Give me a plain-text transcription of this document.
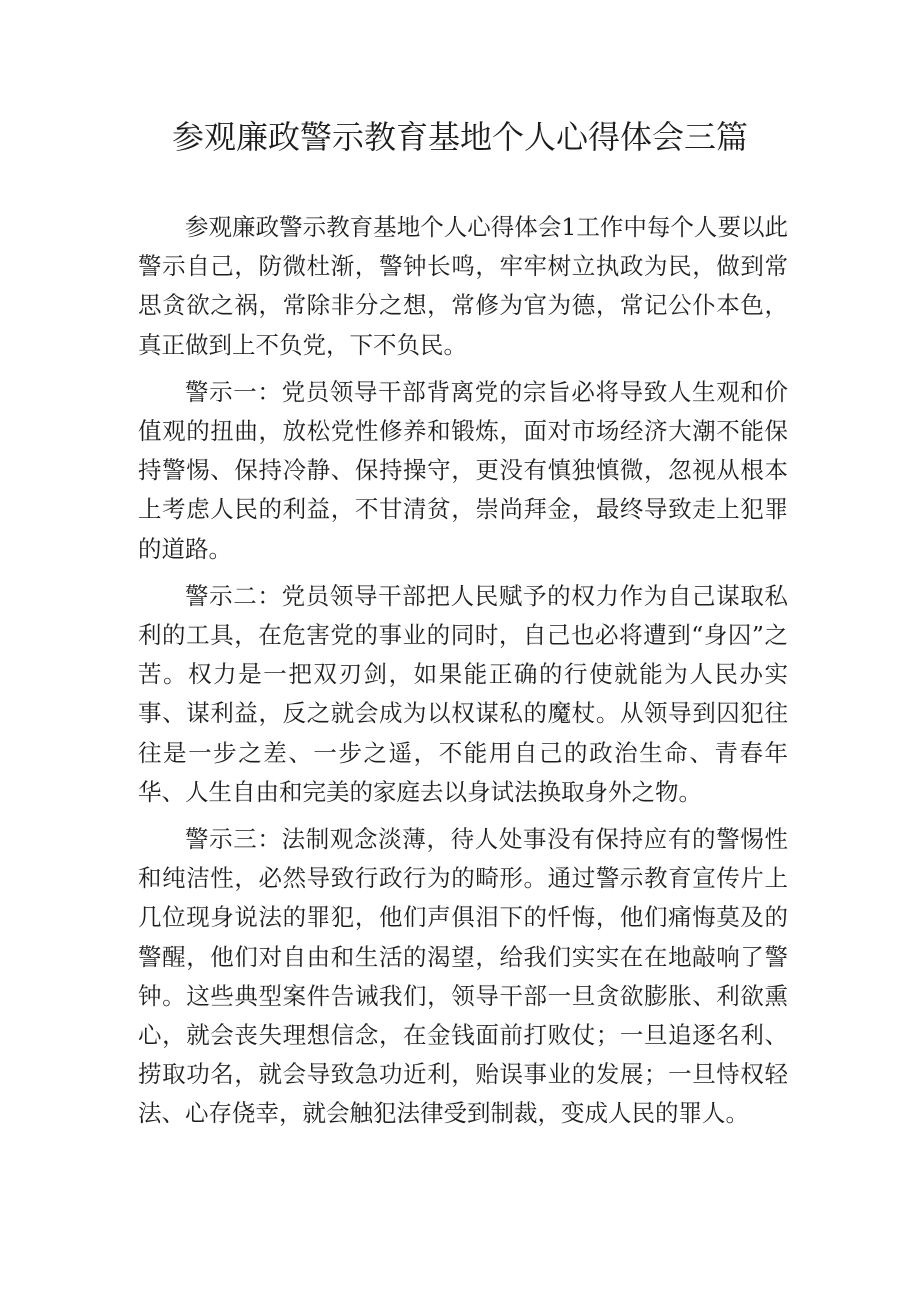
参观廉政警示教育基地个人心得体会三篇

参观廉政警示教育基地个人心得体会1工作中每个人要以此警示自己，防微杜渐，警钟长鸣，牢牢树立执政为民，做到常思贪欲之祸，常除非分之想，常修为官为德，常记公仆本色，真正做到上不负党，下不负民。

警示一：党员领导干部背离党的宗旨必将导致人生观和价值观的扭曲，放松党性修养和锻炼，面对市场经济大潮不能保持警惕、保持冷静、保持操守，更没有慎独慎微，忽视从根本上考虑人民的利益，不甘清贫，崇尚拜金，最终导致走上犯罪的道路。

警示二：党员领导干部把人民赋予的权力作为自己谋取私利的工具，在危害党的事业的同时，自己也必将遭到“身囚”之苦。权力是一把双刃剑，如果能正确的行使就能为人民办实事、谋利益，反之就会成为以权谋私的魔杖。从领导到囚犯往往是一步之差、一步之遥，不能用自己的政治生命、青春年华、人生自由和完美的家庭去以身试法换取身外之物。

警示三：法制观念淡薄，待人处事没有保持应有的警惕性和纯洁性，必然导致行政行为的畸形。通过警示教育宣传片上几位现身说法的罪犯，他们声俱泪下的忏悔，他们痛悔莫及的警醒，他们对自由和生活的渴望，给我们实实在在地敲响了警钟。这些典型案件告诫我们，领导干部一旦贪欲膨胀、利欲熏心，就会丧失理想信念，在金钱面前打败仗；一旦追逐名利、捞取功名，就会导致急功近利，贻误事业的发展；一旦恃权轻法、心存侥幸，就会触犯法律受到制裁，变成人民的罪人。
